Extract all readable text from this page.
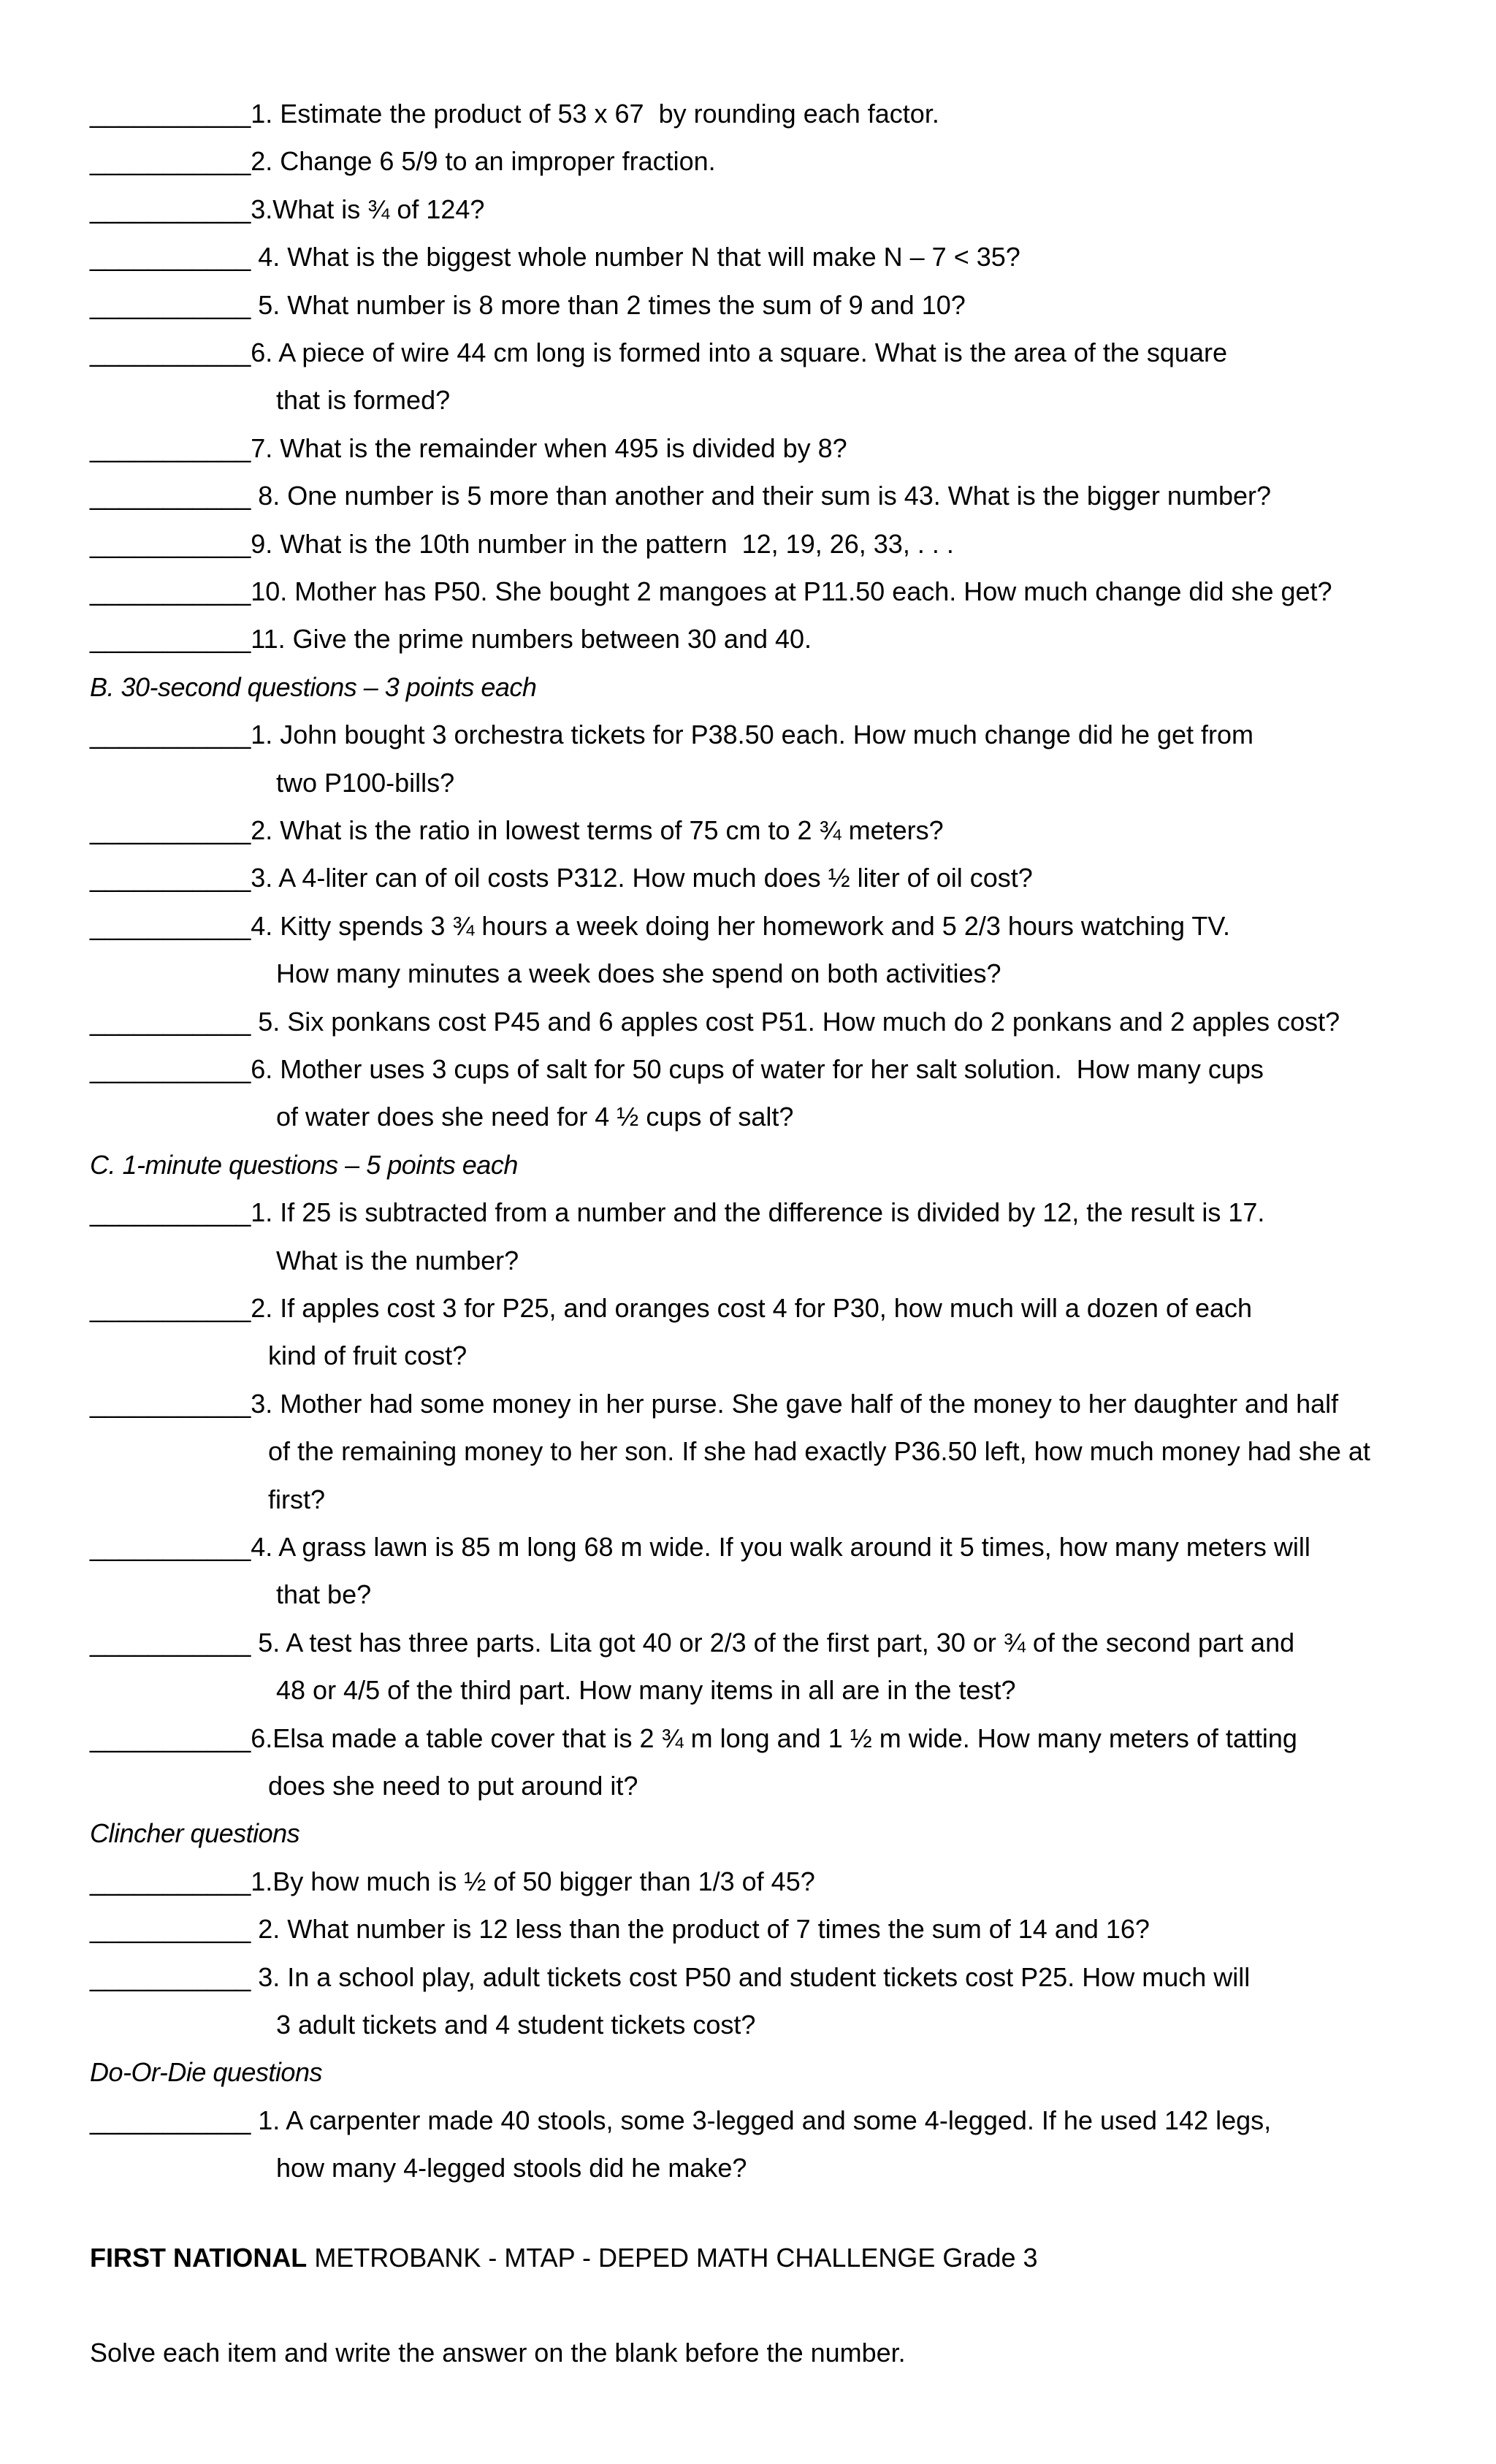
___________1. Estimate the product of 53 x 67  by rounding each factor.
___________2. Change 6 5/9 to an improper fraction.
___________3.What is ¾ of 124?
___________ 4. What is the biggest whole number N that will make N – 7 < 35?
___________ 5. What number is 8 more than 2 times the sum of 9 and 10?
___________6. A piece of wire 44 cm long is formed into a square. What is the area of the square
that is formed?
___________7. What is the remainder when 495 is divided by 8?
___________ 8. One number is 5 more than another and their sum is 43. What is the bigger number?
___________9. What is the 10th number in the pattern  12, 19, 26, 33, . . .
___________10. Mother has P50. She bought 2 mangoes at P11.50 each. How much change did she get?
___________11. Give the prime numbers between 30 and 40.
B. 30-second questions – 3 points each
___________1. John bought 3 orchestra tickets for P38.50 each. How much change did he get from
two P100-bills?
___________2. What is the ratio in lowest terms of 75 cm to 2 ¾ meters?
___________3. A 4-liter can of oil costs P312. How much does ½ liter of oil cost?
___________4. Kitty spends 3 ¾ hours a week doing her homework and 5 2/3 hours watching TV.
How many minutes a week does she spend on both activities?
___________ 5. Six ponkans cost P45 and 6 apples cost P51. How much do 2 ponkans and 2 apples cost?
___________6. Mother uses 3 cups of salt for 50 cups of water for her salt solution.  How many cups
of water does she need for 4 ½ cups of salt?
C. 1-minute questions – 5 points each
___________1. If 25 is subtracted from a number and the difference is divided by 12, the result is 17.
What is the number?
___________2. If apples cost 3 for P25, and oranges cost 4 for P30, how much will a dozen of each
kind of fruit cost?
___________3. Mother had some money in her purse. She gave half of the money to her daughter and half
of the remaining money to her son. If she had exactly P36.50 left, how much money had she at
first?
___________4. A grass lawn is 85 m long 68 m wide. If you walk around it 5 times, how many meters will
that be?
___________ 5. A test has three parts. Lita got 40 or 2/3 of the first part, 30 or ¾ of the second part and
48 or 4/5 of the third part. How many items in all are in the test?
___________6.Elsa made a table cover that is 2 ¾ m long and 1 ½ m wide. How many meters of tatting
does she need to put around it?
Clincher questions
___________1.By how much is ½ of 50 bigger than 1/3 of 45?
___________ 2. What number is 12 less than the product of 7 times the sum of 14 and 16?
___________ 3. In a school play, adult tickets cost P50 and student tickets cost P25. How much will
3 adult tickets and 4 student tickets cost?
Do-Or-Die questions
___________ 1. A carpenter made 40 stools, some 3-legged and some 4-legged. If he used 142 legs,
how many 4-legged stools did he make?
FIRST NATIONAL METROBANK - MTAP - DEPED MATH CHALLENGE Grade 3
Solve each item and write the answer on the blank before the number.
